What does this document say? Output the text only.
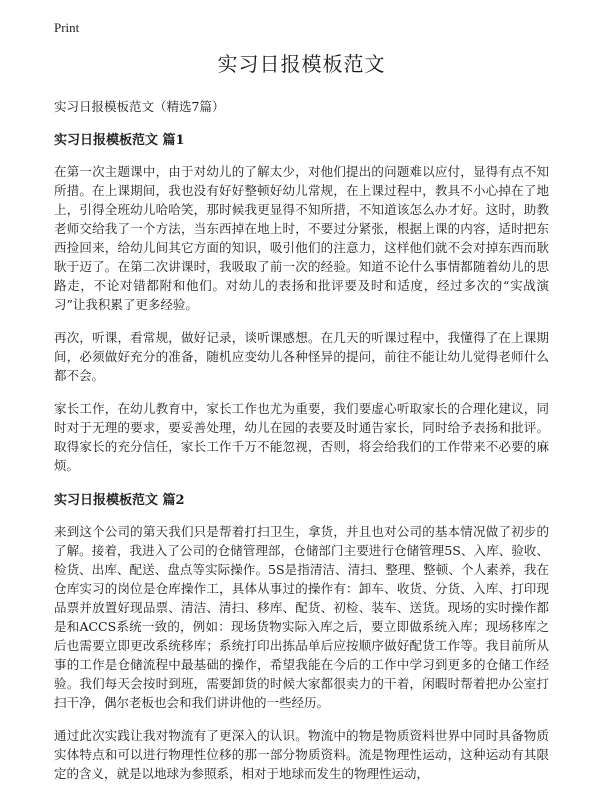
Print
实习日报模板范文
实习日报模板范文（精选7篇）
实习日报模板范文 篇1

在第一次主题课中，由于对幼儿的了解太少，对他们提出的问题难以应付，显得有点不知所措。在上课期间，我也没有好好整顿好幼儿常规，在上课过程中，教具不小心掉在了地上，引得全班幼儿哈哈笑，那时候我更显得不知所措，不知道该怎么办才好。这时，助教老师交给我了一个方法，当东西掉在地上时，不要过分紧张，根据上课的内容，适时把东西捡回来，给幼儿间其它方面的知识，吸引他们的注意力，这样他们就不会对掉东西而耿耿于迈了。在第二次讲课时，我吸取了前一次的经验。知道不论什么事情都随着幼儿的思路走，不论对错都附和他们。对幼儿的表扬和批评要及时和适度，经过多次的“实战演习”让我积累了更多经验。

再次，听课，看常规，做好记录，谈听课感想。在几天的听课过程中，我懂得了在上课期间，必须做好充分的准备，随机应变幼儿各种怪异的提问，前往不能让幼儿觉得老师什么都不会。

家长工作，在幼儿教育中，家长工作也尤为重要，我们要虚心听取家长的合理化建议，同时对于无理的要求，要妥善处理，幼儿在园的表要及时通告家长，同时给予表扬和批评。取得家长的充分信任，家长工作千万不能忽视，否则，将会给我们的工作带来不必要的麻烦。

实习日报模板范文 篇2

来到这个公司的第天我们只是帮着打扫卫生，拿货，并且也对公司的基本情况做了初步的了解。接着，我进入了公司的仓储管理部，仓储部门主要进行仓储管理5S、入库、验收、检货、出库、配送、盘点等实际操作。5S是指清洁、清扫、整理、整顿、个人素养，我在仓库实习的岗位是仓库操作工，具体从事过的操作有：卸车、收货、分货、入库、打印现品票并放置好现品票、清洁、清扫、移库、配货、初检、装车、送货。现场的实时操作都是和ACCS系统一致的，例如：现场货物实际入库之后，要立即做系统入库；现场移库之后也需要立即更改系统移库；系统打印出拣品单后应按顺序做好配货工作等。我目前所从事的工作是仓储流程中最基础的操作，希望我能在今后的工作中学习到更多的仓储工作经验。我们每天会按时到班，需要卸货的时候大家都很卖力的干着，闲暇时帮着把办公室打扫干净，偶尔老板也会和我们讲讲他的一些经历。

通过此次实践让我对物流有了更深入的认识。物流中的物是物质资料世界中同时具备物质实体特点和可以进行物理性位移的那一部分物质资料。流是物理性运动，这种运动有其限定的含义，就是以地球为参照系，相对于地球而发生的物理性运动，
